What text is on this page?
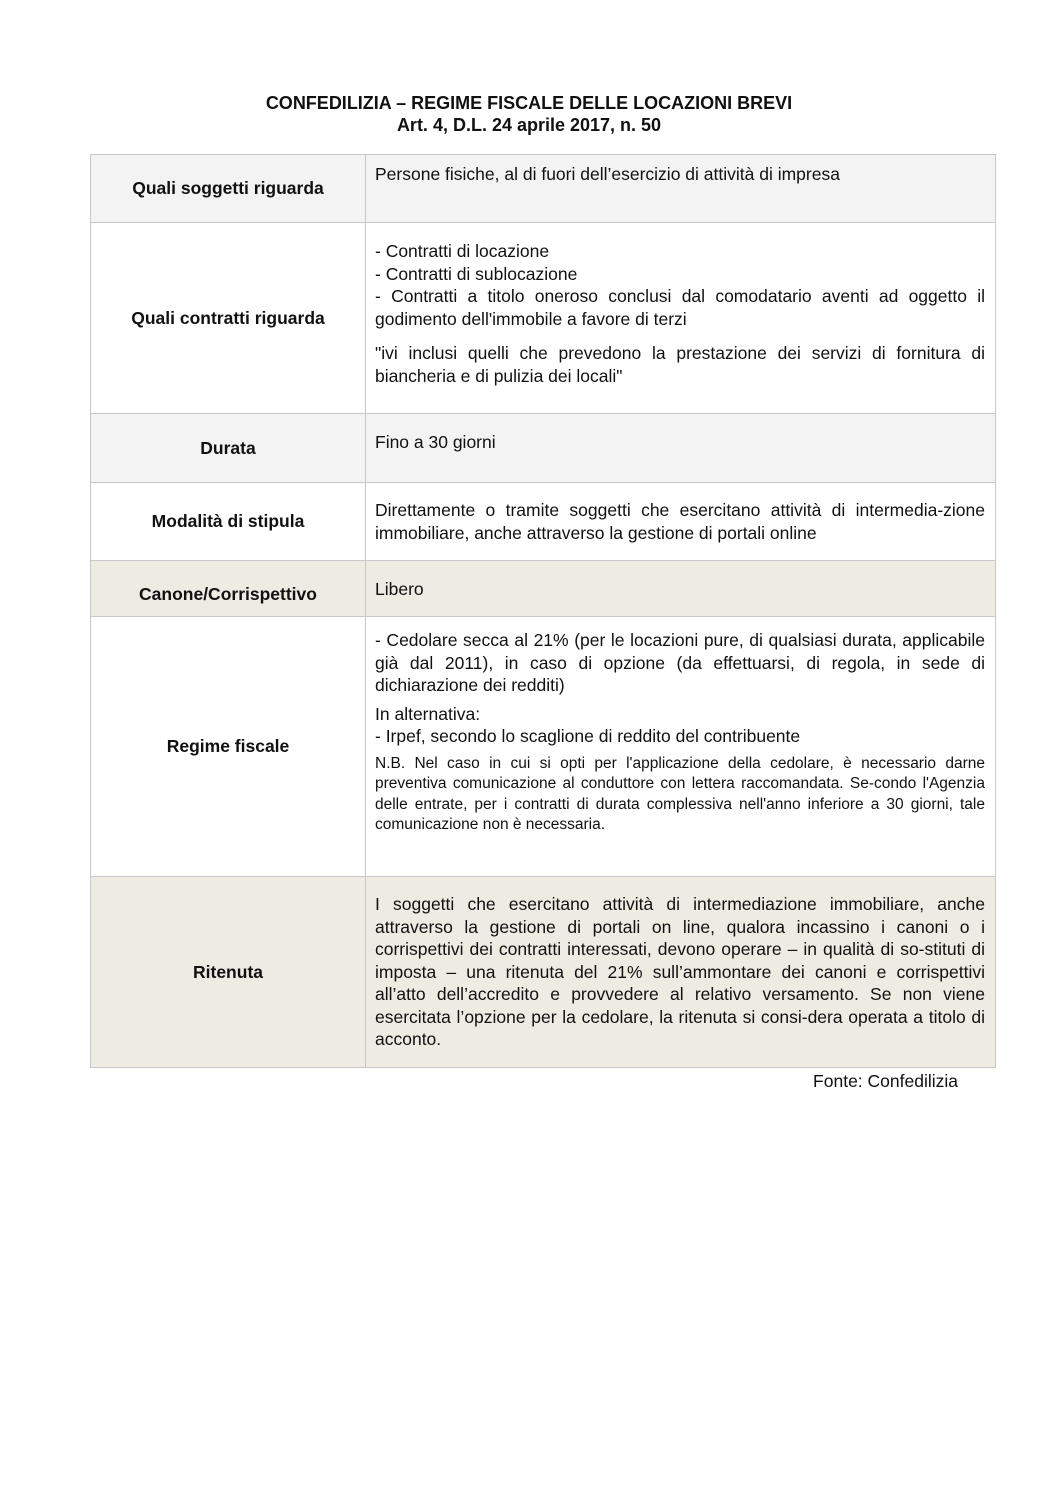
CONFEDILIZIA – REGIME FISCALE DELLE LOCAZIONI BREVI
Art. 4, D.L. 24 aprile 2017, n. 50
Quali soggetti riguarda	Persone fisiche, al di fuori dell’esercizio di attività di impresa

Quali contratti riguarda	- Contratti di locazione

- Contratti di sublocazione

- Contratti a titolo oneroso conclusi dal comodatario aventi ad oggetto il godimento dell'immobile a favore di terzi

"ivi inclusi quelli che prevedono la prestazione dei servizi di fornitura di biancheria e di pulizia dei locali"

Durata	Fino a 30 giorni

Modalità di stipula	Direttamente o tramite soggetti che esercitano attività di intermedia-zione immobiliare, anche attraverso la gestione di portali online

Canone/Corrispettivo	Libero

Regime fiscale	- Cedolare secca al 21% (per le locazioni pure, di qualsiasi durata, applicabile già dal 2011), in caso di opzione (da effettuarsi, di regola, in sede di dichiarazione dei redditi)

In alternativa:

- Irpef, secondo lo scaglione di reddito del contribuente

N.B. Nel caso in cui si opti per l'applicazione della cedolare, è necessario darne preventiva comunicazione al conduttore con lettera raccomandata. Se-condo l'Agenzia delle entrate, per i contratti di durata complessiva nell'anno inferiore a 30 giorni, tale comunicazione non è necessaria.

Ritenuta	I soggetti che esercitano attività di intermediazione immobiliare, anche attraverso la gestione di portali on line, qualora incassino i canoni o i corrispettivi dei contratti interessati, devono operare – in qualità di so-stituti di imposta – una ritenuta del 21% sull’ammontare dei canoni e corrispettivi all’atto dell’accredito e provvedere al relativo versamento. Se non viene esercitata l’opzione per la cedolare, la ritenuta si consi-dera operata a titolo di acconto.

Fonte: Confedilizia
